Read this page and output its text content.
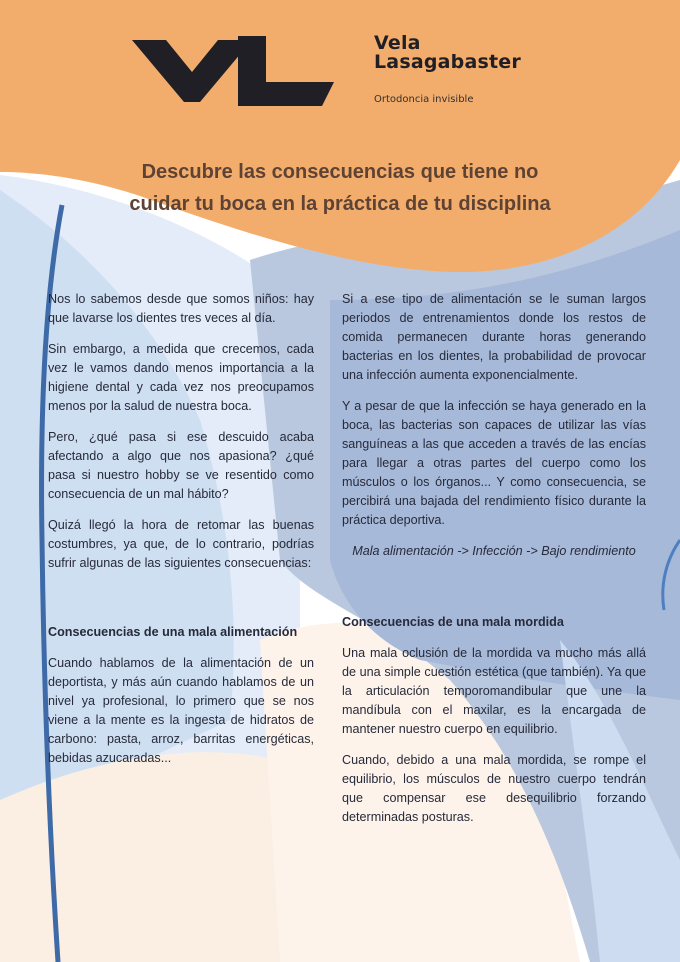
Vela
Lasagabaster
Ortodoncia invisible
Descubre las consecuencias que tiene no
cuidar tu boca en la práctica de tu disciplina

Nos lo sabemos desde que somos niños: hay que lavarse los dientes tres veces al día.

Sin embargo, a medida que crecemos, cada vez le vamos dando menos importancia a la higiene dental y cada vez nos preocupamos menos por la salud de nuestra boca.

Pero, ¿qué pasa si ese descuido acaba afectando a algo que nos apasiona? ¿qué pasa si nuestro hobby se ve resentido como consecuencia de un mal hábito?

Quizá llegó la hora de retomar las buenas costumbres, ya que, de lo contrario, podrías sufrir algunas de las siguientes consecuencias:

Consecuencias de una mala alimentación

Cuando hablamos de la alimentación de un deportista, y más aún cuando hablamos de un nivel ya profesional, lo primero que se nos viene a la mente es la ingesta de hidratos de carbono: pasta, arroz, barritas energéticas, bebidas azucaradas...

Si a ese tipo de alimentación se le suman largos periodos de entrenamientos donde los restos de comida permanecen durante horas generando bacterias en los dientes, la probabilidad de provocar una infección aumenta exponencialmente.

Y a pesar de que la infección se haya generado en la boca, las bacterias son capaces de utilizar las vías sanguíneas a las que acceden a través de las encías para llegar a otras partes del cuerpo como los músculos o los órganos... Y como consecuencia, se percibirá una bajada del rendimiento físico durante la práctica deportiva.

Mala alimentación -> Infección -> Bajo rendimiento

Consecuencias de una mala mordida

Una mala oclusión de la mordida va mucho más allá de una simple cuestión estética (que también). Ya que la articulación temporomandibular que une la mandíbula con el maxilar, es la encargada de mantener nuestro cuerpo en equilibrio.

Cuando, debido a una mala mordida, se rompe el equilibrio, los músculos de nuestro cuerpo tendrán que compensar ese desequilibrio forzando determinadas posturas.
